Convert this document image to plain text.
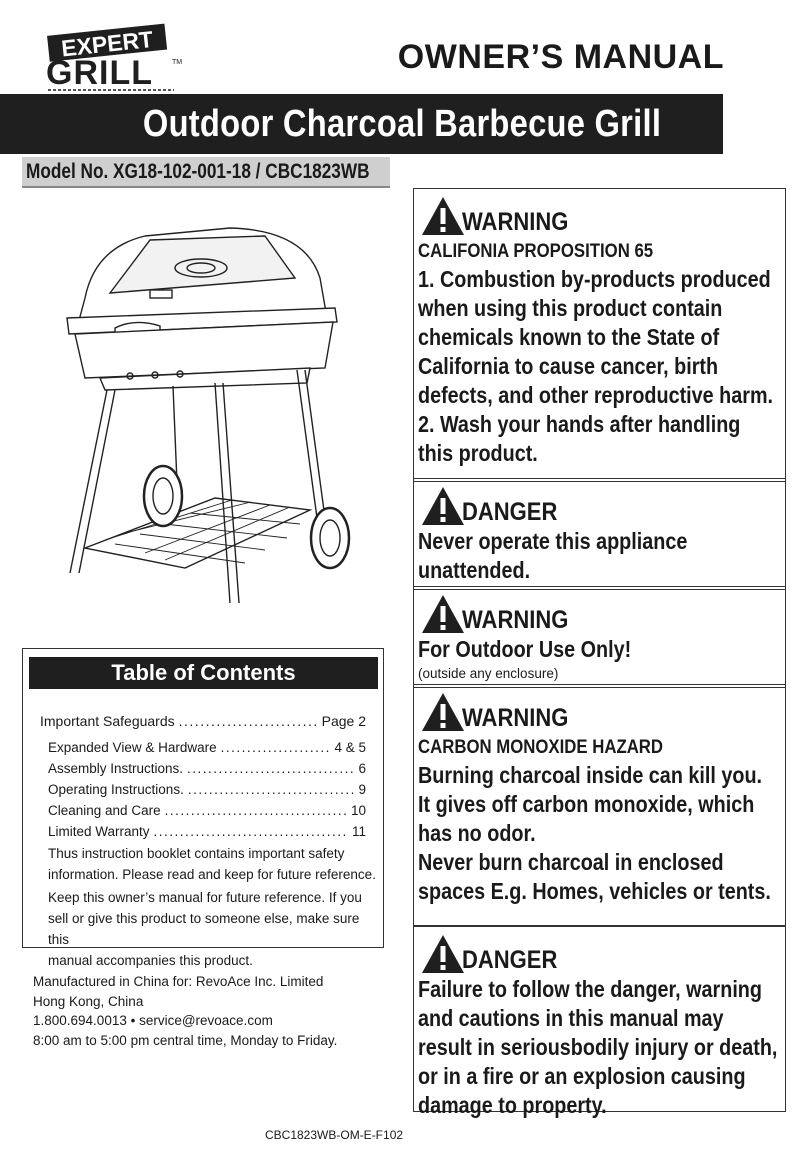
EXPERT
GRILL	TM	OWNER’S MANUAL
Outdoor Charcoal Barbecue Grill
Model No. XG18-102-001-18 / CBC1823WB
Table of Contents
Important Safeguards .....	Page 2
Expanded View & Hardware .....	4 & 5
Assembly Instructions. .....	6
Operating Instructions. .....	9
Cleaning and Care .....	10
Limited Warranty .....	11
Thus instruction booklet contains important safety
information. Please read and keep for future reference.
Keep this owner’s manual for future reference. If you
sell or give this product to someone else, make sure this
manual accompanies this product.
Manufactured in China for: RevoAce Inc. Limited
Hong Kong, China
1.800.694.0013 • service@revoace.com
8:00 am to 5:00 pm central time, Monday to Friday.
CBC1823WB-OM-E-F102
WARNING
CALIFONIA PROPOSITION 65
1. Combustion by-products produced
when using this product contain
chemicals known to the State of
California to cause cancer, birth
defects, and other reproductive harm.
2. Wash your hands after handling
this product.
DANGER
Never operate this appliance
unattended.
WARNING
For Outdoor Use Only!
(outside any enclosure)
WARNING
CARBON MONOXIDE HAZARD
Burning charcoal inside can kill you.
It gives off carbon monoxide, which
has no odor.
Never burn charcoal in enclosed
spaces E.g. Homes, vehicles or tents.
DANGER
Failure to follow the danger, warning
and cautions in this manual may
result in seriousbodily injury or death,
or in a fire or an explosion causing
damage to property.
